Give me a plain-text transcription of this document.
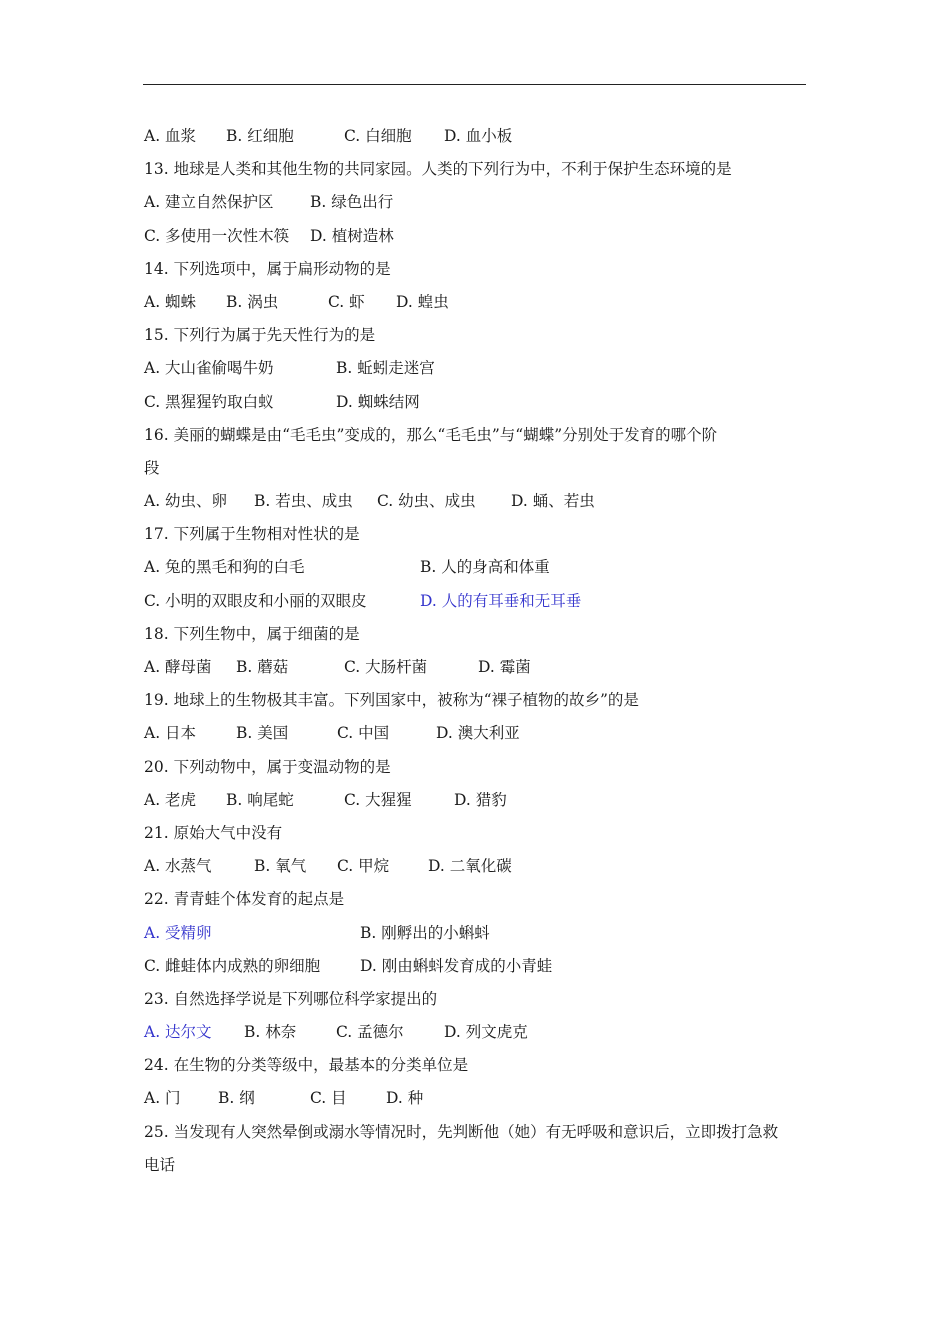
A. 血浆 B. 红细胞	C. 白细胞 D. 血小板
13. 地球是人类和其他生物的共同家园。人类的下列行为中，不利于保护生态环境的是
A. 建立自然保护区 B. 绿色出行
C. 多使用一次性木筷 D. 植树造林
14. 下列选项中，属于扁形动物的是
A. 蜘蛛 B. 涡虫	C. 虾 D. 蝗虫
15. 下列行为属于先天性行为的是
A. 大山雀偷喝牛奶	B. 蚯蚓走迷宫
C. 黑猩猩钓取白蚁	D. 蜘蛛结网
16. 美丽的蝴蝶是由“毛毛虫”变成的，那么“毛毛虫”与“蝴蝶”分别处于发育的哪个阶
段
A. 幼虫、卵 B. 若虫、成虫 C. 幼虫、成虫 D. 蛹、若虫
17. 下列属于生物相对性状的是
A. 兔的黑毛和狗的白毛	B. 人的身高和体重
C. 小明的双眼皮和小丽的双眼皮	D. 人的有耳垂和无耳垂
18. 下列生物中，属于细菌的是
A. 酵母菌 B. 蘑菇	C. 大肠杆菌	D. 霉菌
19. 地球上的生物极其丰富。下列国家中，被称为“裸子植物的故乡”的是
A. 日本	B. 美国	C. 中国	D. 澳大利亚
20. 下列动物中，属于变温动物的是
A. 老虎 B. 响尾蛇	C. 大猩猩	D. 猎豹
21. 原始大气中没有
A. 水蒸气	B. 氧气 C. 甲烷	D. 二氧化碳
22. 青青蛙个体发育的起点是
A. 受精卵	B. 刚孵出的小蝌蚪
C. 雌蛙体内成熟的卵细胞	D. 刚由蝌蚪发育成的小青蛙
23. 自然选择学说是下列哪位科学家提出的
A. 达尔文 B. 林奈	C. 孟德尔	D. 列文虎克
24. 在生物的分类等级中，最基本的分类单位是
A. 门 B. 纲	C. 目	D. 种
25. 当发现有人突然晕倒或溺水等情况时，先判断他（她）有无呼吸和意识后，立即拨打急救
电话
